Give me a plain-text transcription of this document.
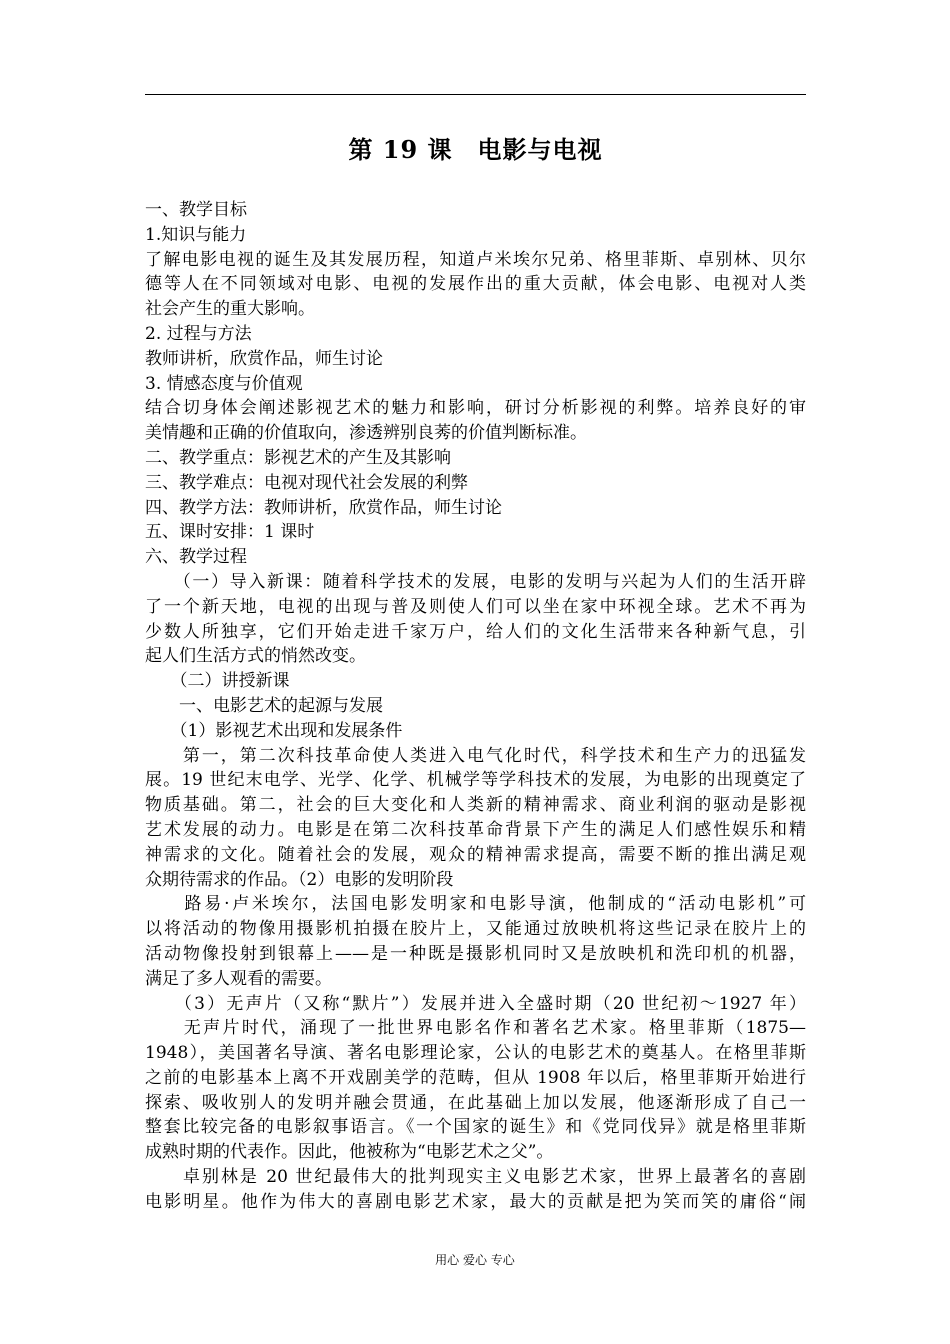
第 19 课　电影与电视
一、教学目标
1.知识与能力
了解电影电视的诞生及其发展历程，知道卢米埃尔兄弟、格里菲斯、卓别林、贝尔
德等人在不同领域对电影、电视的发展作出的重大贡献，体会电影、电视对人类
社会产生的重大影响。
2. 过程与方法
教师讲析，欣赏作品，师生讨论
3. 情感态度与价值观
结合切身体会阐述影视艺术的魅力和影响，研讨分析影视的利弊。培养良好的审
美情趣和正确的价值取向，渗透辨别良莠的价值判断标准。
二、教学重点：影视艺术的产生及其影响
三、教学难点：电视对现代社会发展的利弊
四、教学方法：教师讲析，欣赏作品，师生讨论
五、课时安排：1 课时
六、教学过程
　　（一）导入新课：随着科学技术的发展，电影的发明与兴起为人们的生活开辟
了一个新天地，电视的出现与普及则使人们可以坐在家中环视全球。艺术不再为
少数人所独享，它们开始走进千家万户，给人们的文化生活带来各种新气息，引
起人们生活方式的悄然改变。
　　（二）讲授新课
　　一、电影艺术的起源与发展
　　（1）影视艺术出现和发展条件
　　第一，第二次科技革命使人类进入电气化时代，科学技术和生产力的迅猛发
展。19 世纪末电学、光学、化学、机械学等学科技术的发展，为电影的出现奠定了
物质基础。第二，社会的巨大变化和人类新的精神需求、商业利润的驱动是影视
艺术发展的动力。电影是在第二次科技革命背景下产生的满足人们感性娱乐和精
神需求的文化。随着社会的发展，观众的精神需求提高，需要不断的推出满足观
众期待需求的作品。（2）电影的发明阶段
　　路易·卢米埃尔，法国电影发明家和电影导演，他制成的“活动电影机”可
以将活动的物像用摄影机拍摄在胶片上，又能通过放映机将这些记录在胶片上的
活动物像投射到银幕上——是一种既是摄影机同时又是放映机和洗印机的机器，
满足了多人观看的需要。
　　（3）无声片（又称“默片”）发展并进入全盛时期（20 世纪初～1927 年）
　　无声片时代，涌现了一批世界电影名作和著名艺术家。格里菲斯（1875—
1948），美国著名导演、著名电影理论家，公认的电影艺术的奠基人。在格里菲斯
之前的电影基本上离不开戏剧美学的范畴，但从 1908 年以后，格里菲斯开始进行
探索、吸收别人的发明并融会贯通，在此基础上加以发展，他逐渐形成了自己一
整套比较完备的电影叙事语言。《一个国家的诞生》和《党同伐异》就是格里菲斯
成熟时期的代表作。因此，他被称为“电影艺术之父”。
　　卓别林是 20 世纪最伟大的批判现实主义电影艺术家，世界上最著名的喜剧
电影明星。他作为伟大的喜剧电影艺术家，最大的贡献是把为笑而笑的庸俗“闹
用心 爱心 专心
